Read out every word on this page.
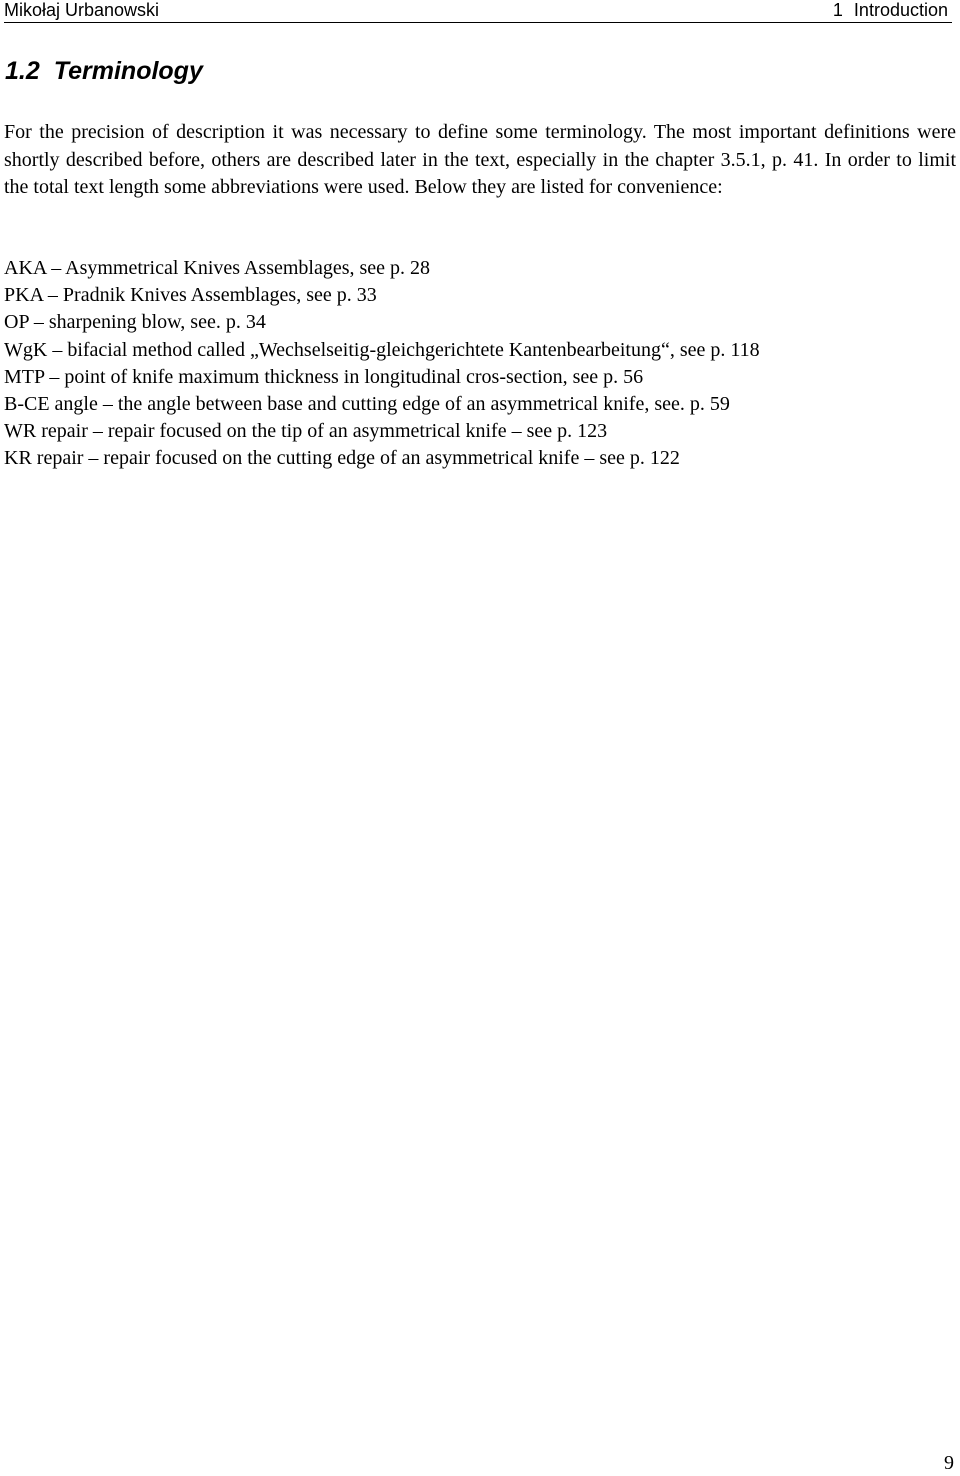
Mikołaj Urbanowski	1 Introduction
1.2 Terminology

For the precision of description it was necessary to define some terminology. The most important definitions were shortly described before, others are described later in the text, especially in the chapter 3.5.1, p. 41. In order to limit the total text length some abbreviations were used. Below they are listed for convenience:

AKA – Asymmetrical Knives Assemblages, see p. 28
PKA – Pradnik Knives Assemblages, see p. 33
OP – sharpening blow, see. p. 34
WgK – bifacial method called „Wechselseitig-gleichgerichtete Kantenbearbeitung“, see p. 118
MTP – point of knife maximum thickness in longitudinal cros-section, see p. 56
B-CE angle – the angle between base and cutting edge of an asymmetrical knife, see. p. 59
WR repair – repair focused on the tip of an asymmetrical knife – see p. 123
KR repair – repair focused on the cutting edge of an asymmetrical knife – see p. 122
9
